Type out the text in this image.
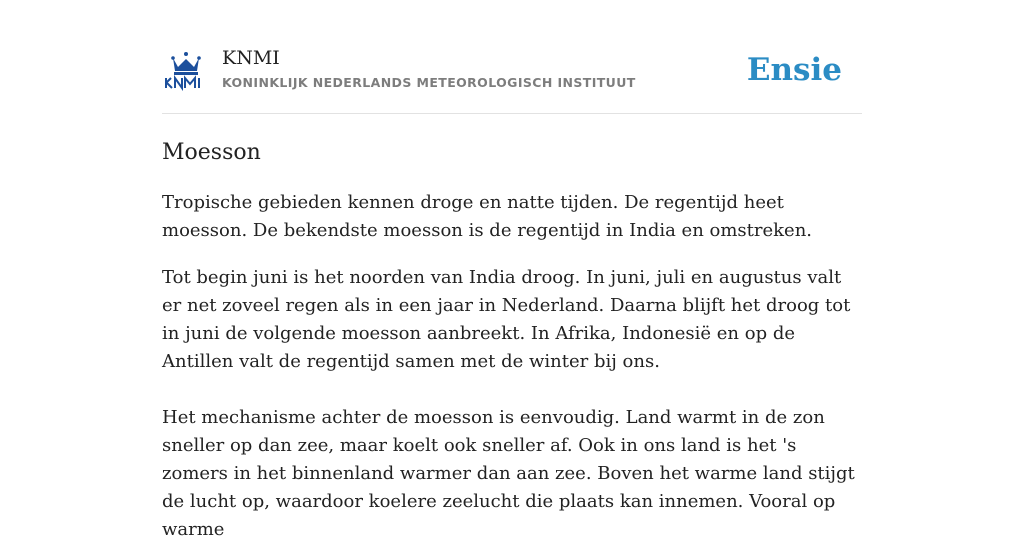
KNMI
KONINKLIJK NEDERLANDS METEOROLOGISCH INSTITUUT	Ensie
Moesson

Tropische gebieden kennen droge en natte tijden. De regentijd heet moesson. De bekendste moesson is de regentijd in India en omstreken.

Tot begin juni is het noorden van India droog. In juni, juli en augustus valt er net zoveel regen als in een jaar in Nederland. Daarna blijft het droog tot in juni de volgende moesson aanbreekt. In Afrika, Indonesië en op de Antillen valt de regentijd samen met de winter bij ons.

Het mechanisme achter de moesson is eenvoudig. Land warmt in de zon sneller op dan zee, maar koelt ook sneller af. Ook in ons land is het 's zomers in het binnenland warmer dan aan zee. Boven het warme land stijgt de lucht op, waardoor koelere zeelucht die plaats kan innemen. Vooral op warme
